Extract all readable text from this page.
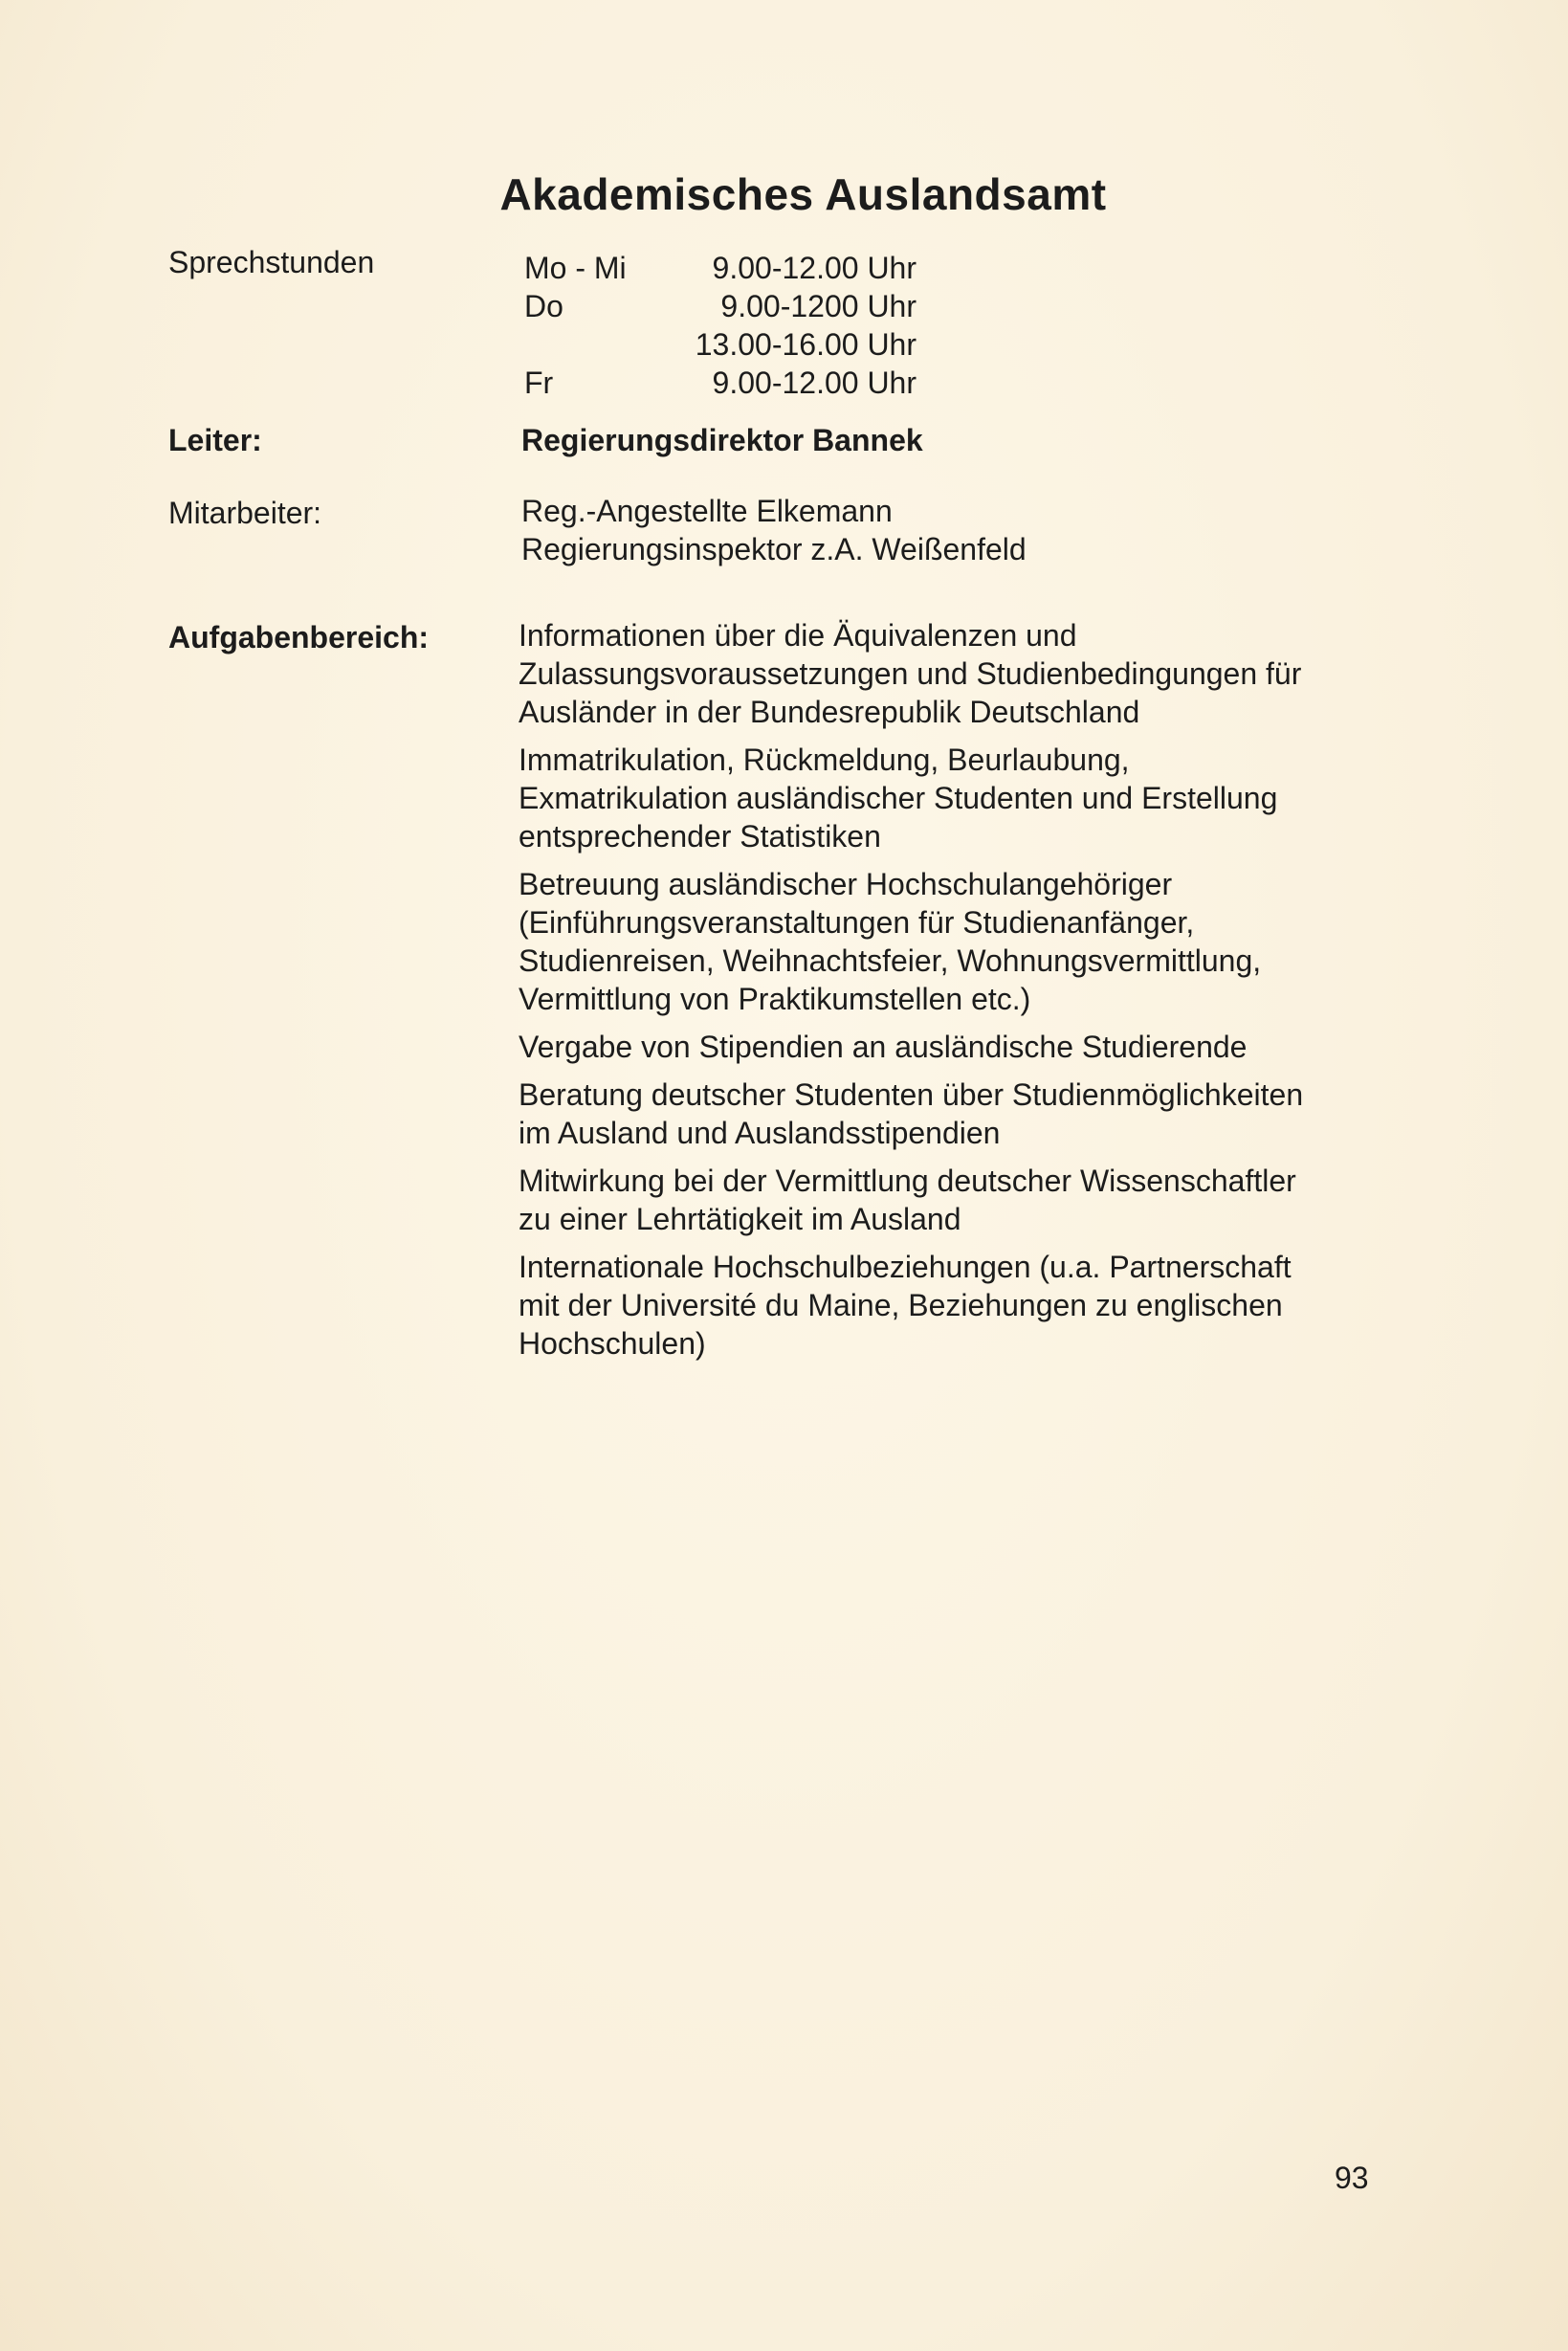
Akademisches Auslandsamt
Sprechstunden	Mo - Mi	9.00-12.00 Uhr
Do	9.00-1200 Uhr
13.00-16.00 Uhr
Fr	9.00-12.00 Uhr
Leiter:	Regierungsdirektor Bannek
Mitarbeiter:	Reg.-Angestellte Elkemann
Regierungsinspektor z.A. Weißenfeld
Aufgabenbereich:	Informationen über die Äquivalenzen und
Zulassungsvoraussetzungen und Studienbedingungen für
Ausländer in der Bundesrepublik Deutschland
Immatrikulation, Rückmeldung, Beurlaubung,
Exmatrikulation ausländischer Studenten und Erstellung
entsprechender Statistiken
Betreuung ausländischer Hochschulangehöriger
(Einführungsveranstaltungen für Studienanfänger,
Studienreisen, Weihnachtsfeier, Wohnungsvermittlung,
Vermittlung von Praktikumstellen etc.)
Vergabe von Stipendien an ausländische Studierende
Beratung deutscher Studenten über Studienmöglichkeiten
im Ausland und Auslandsstipendien
Mitwirkung bei der Vermittlung deutscher Wissenschaftler
zu einer Lehrtätigkeit im Ausland
Internationale Hochschulbeziehungen (u.a. Partnerschaft
mit der Université du Maine, Beziehungen zu englischen
Hochschulen)
93
